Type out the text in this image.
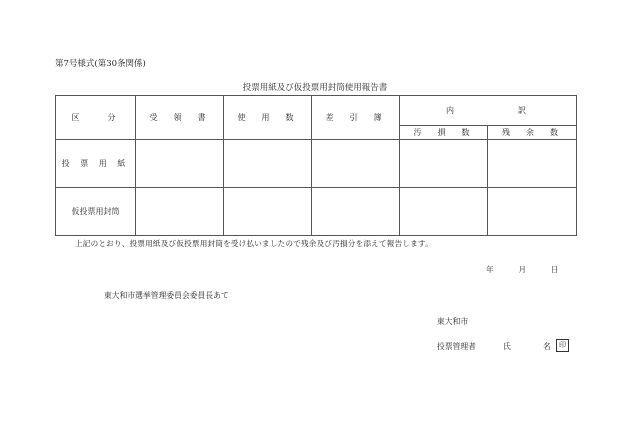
第7号様式(第30条関係)
投票用紙及び仮投票用封筒使用報告書
区　　分	受　領　書	使　用　数	差　引　簿	内　　　　　訳	
				汚　損　数	残　余　数
投 票 用 紙					
仮投票用封筒					
上記のとおり、投票用紙及び仮投票用封筒を受け払いましたので残余及び汚損分を添えて報告します。
年	月	日
東大和市選挙管理委員会委員長あて
東大和市
投票管理者	氏	名	印
